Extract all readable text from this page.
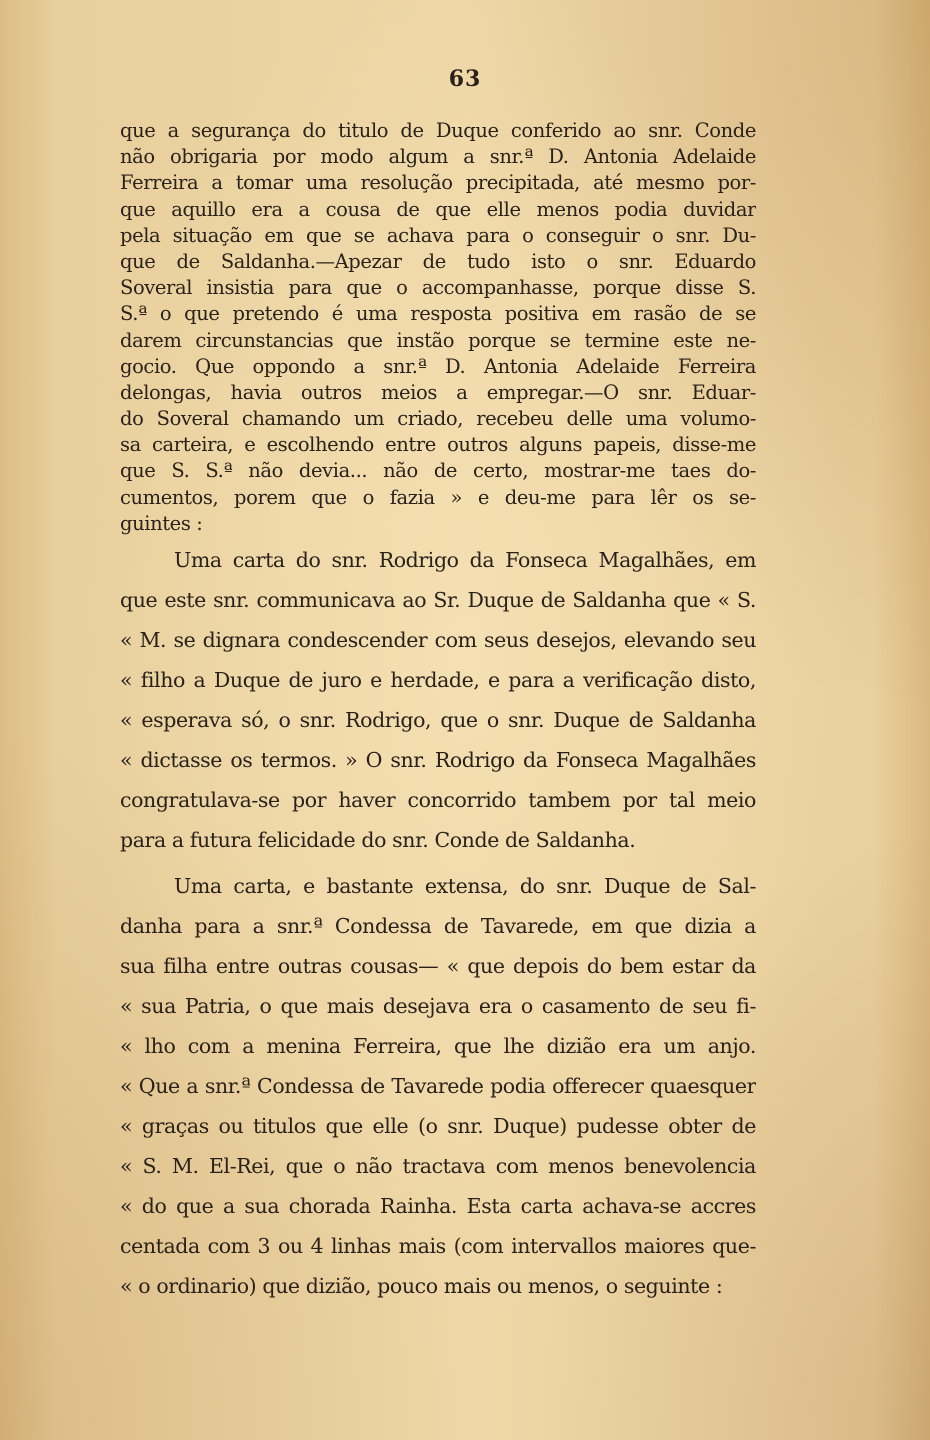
63
que a segurança do titulo de Duque conferido ao snr. Conde
não obrigaria por modo algum a snr.ª D. Antonia Adelaide
Ferreira a tomar uma resolução precipitada, até mesmo por-
que aquillo era a cousa de que elle menos podia duvidar
pela situação em que se achava para o conseguir o snr. Du-
que de Saldanha.—Apezar de tudo isto o snr. Eduardo
Soveral insistia para que o accompanhasse, porque disse S.
S.ª o que pretendo é uma resposta positiva em rasão de se
darem circunstancias que instão porque se termine este ne-
gocio. Que oppondo a snr.ª D. Antonia Adelaide Ferreira
delongas, havia outros meios a empregar.—O snr. Eduar-
do Soveral chamando um criado, recebeu delle uma volumo-
sa carteira, e escolhendo entre outros alguns papeis, disse-me
que S. S.ª não devia... não de certo, mostrar-me taes do-
cumentos, porem que o fazia » e deu-me para lêr os se-
guintes :
Uma carta do snr. Rodrigo da Fonseca Magalhães, em
que este snr. communicava ao Sr. Duque de Saldanha que « S.
« M. se dignara condescender com seus desejos, elevando seu
« filho a Duque de juro e herdade, e para a verificação disto,
« esperava só, o snr. Rodrigo, que o snr. Duque de Saldanha
« dictasse os termos. » O snr. Rodrigo da Fonseca Magalhães
congratulava-se por haver concorrido tambem por tal meio
para a futura felicidade do snr. Conde de Saldanha.
Uma carta, e bastante extensa, do snr. Duque de Sal-
danha para a snr.ª Condessa de Tavarede, em que dizia a
sua filha entre outras cousas— « que depois do bem estar da
« sua Patria, o que mais desejava era o casamento de seu fi-
« lho com a menina Ferreira, que lhe dizião era um anjo.
« Que a snr.ª Condessa de Tavarede podia offerecer quaesquer
« graças ou titulos que elle (o snr. Duque) pudesse obter de
« S. M. El-Rei, que o não tractava com menos benevolencia
« do que a sua chorada Rainha. Esta carta achava-se accres
centada com 3 ou 4 linhas mais (com intervallos maiores que-
« o ordinario) que dizião, pouco mais ou menos, o seguinte :
